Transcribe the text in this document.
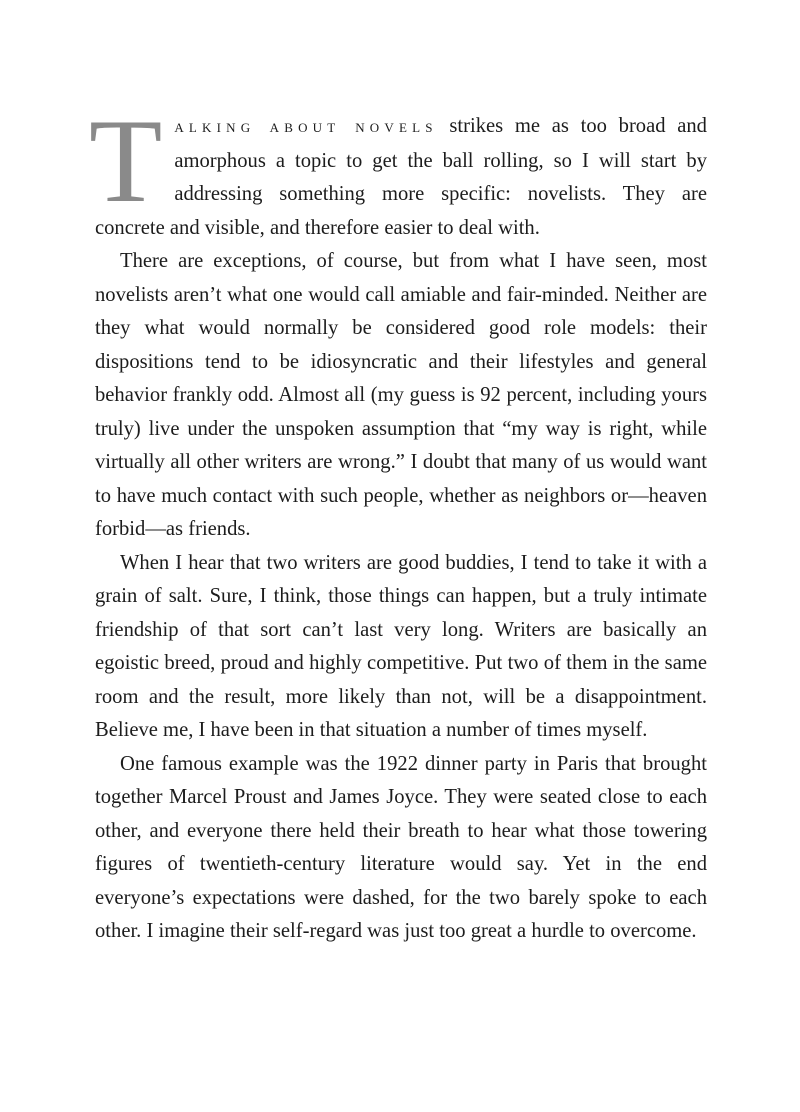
TALKING ABOUT NOVELS strikes me as too broad and amorphous a topic to get the ball rolling, so I will start by addressing something more specific: novelists. They are concrete and visible, and therefore easier to deal with.

There are exceptions, of course, but from what I have seen, most novelists aren’t what one would call amiable and fair-minded. Neither are they what would normally be considered good role models: their dispositions tend to be idiosyncratic and their lifestyles and general behavior frankly odd. Almost all (my guess is 92 percent, including yours truly) live under the unspoken assumption that “my way is right, while virtually all other writers are wrong.” I doubt that many of us would want to have much contact with such people, whether as neighbors or—heaven forbid—as friends.

When I hear that two writers are good buddies, I tend to take it with a grain of salt. Sure, I think, those things can happen, but a truly intimate friendship of that sort can’t last very long. Writers are basically an egoistic breed, proud and highly competitive. Put two of them in the same room and the result, more likely than not, will be a disappointment. Believe me, I have been in that situation a number of times myself.

One famous example was the 1922 dinner party in Paris that brought together Marcel Proust and James Joyce. They were seated close to each other, and everyone there held their breath to hear what those towering figures of twentieth-century literature would say. Yet in the end everyone’s expectations were dashed, for the two barely spoke to each other. I imagine their self-regard was just too great a hurdle to overcome.
